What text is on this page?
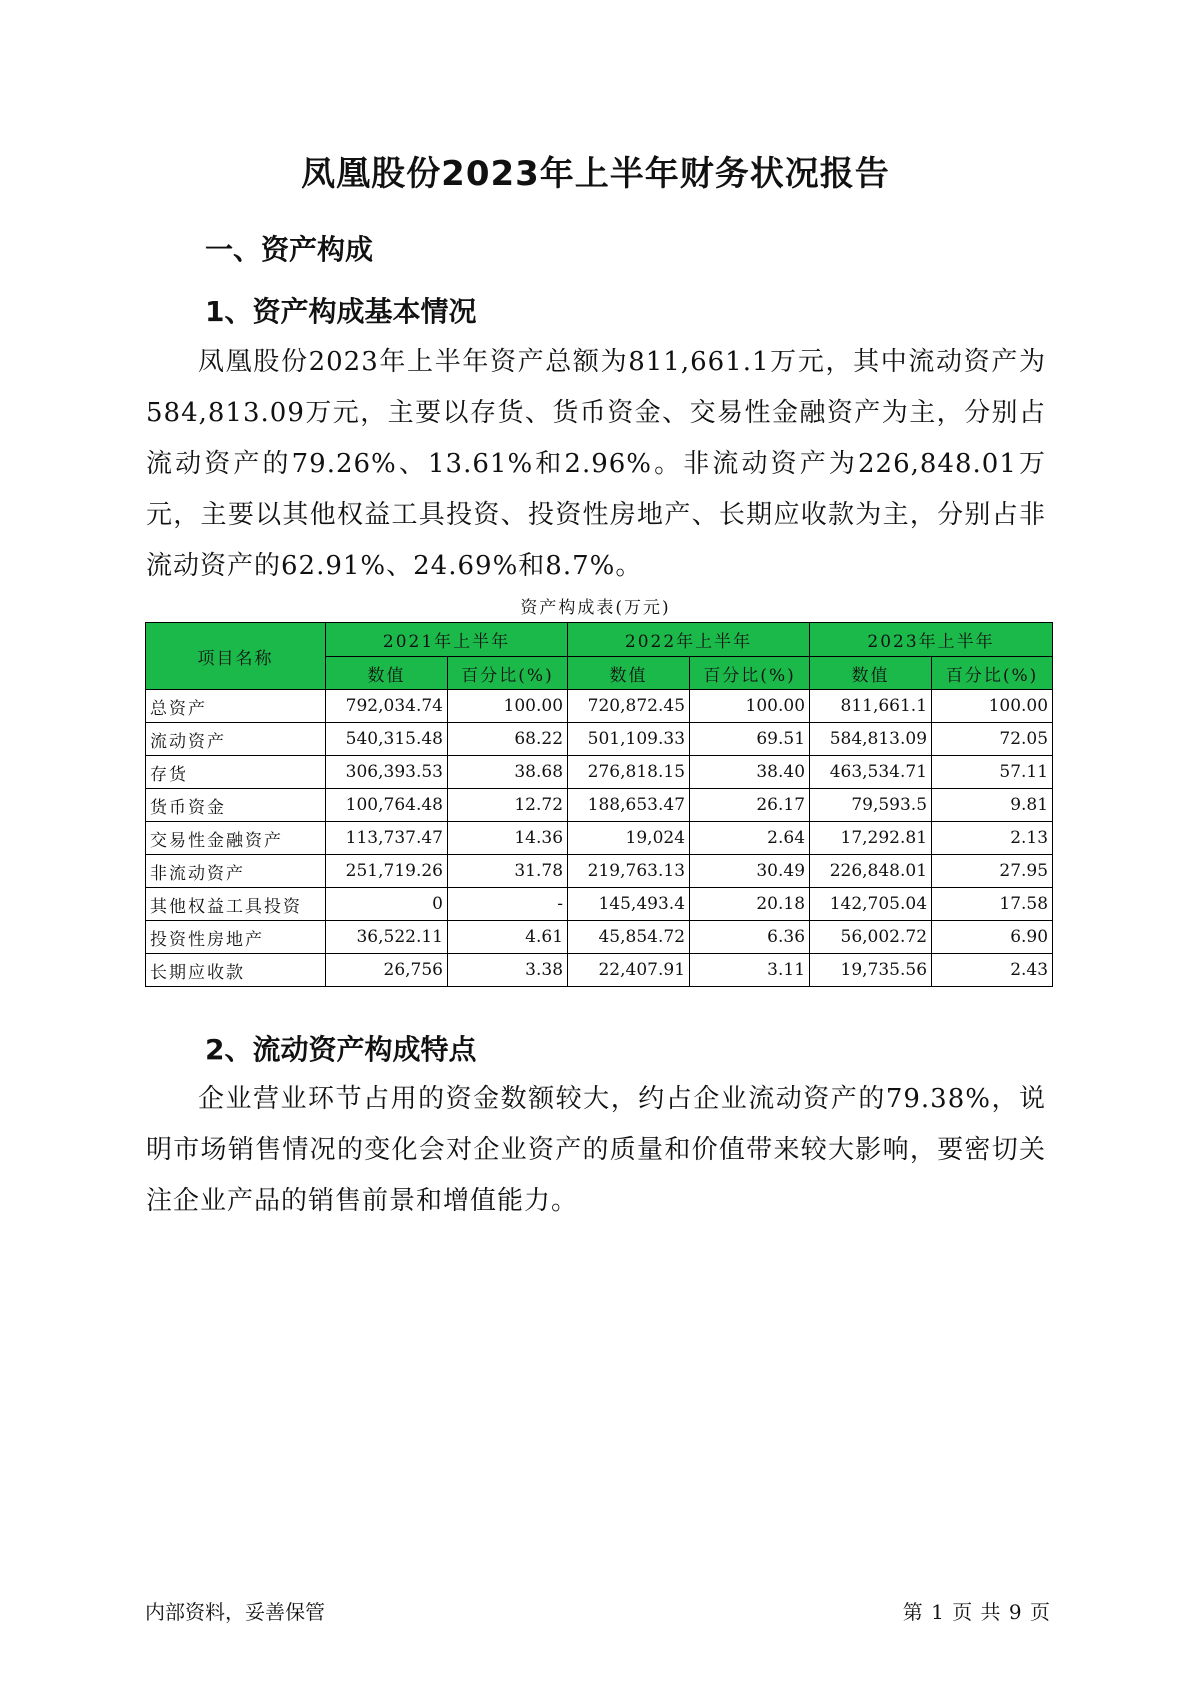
凤凰股份2023年上半年财务状况报告
一、资产构成
1、资产构成基本情况

凤凰股份2023年上半年资产总额为811,661.1万元，其中流动资产为584,813.09万元，主要以存货、货币资金、交易性金融资产为主，分别占流动资产的79.26%、13.61%和2.96%。非流动资产为226,848.01万元，主要以其他权益工具投资、投资性房地产、长期应收款为主，分别占非流动资产的62.91%、24.69%和8.7%。

资产构成表(万元)
项目名称	2021年上半年		2022年上半年		2023年上半年	
	数值	百分比(%)	数值	百分比(%)	数值	百分比(%)
总资产	792,034.74	100.00	720,872.45	100.00	811,661.1	100.00
流动资产	540,315.48	68.22	501,109.33	69.51	584,813.09	72.05
存货	306,393.53	38.68	276,818.15	38.40	463,534.71	57.11
货币资金	100,764.48	12.72	188,653.47	26.17	79,593.5	9.81
交易性金融资产	113,737.47	14.36	19,024	2.64	17,292.81	2.13
非流动资产	251,719.26	31.78	219,763.13	30.49	226,848.01	27.95
其他权益工具投资	0	-	145,493.4	20.18	142,705.04	17.58
投资性房地产	36,522.11	4.61	45,854.72	6.36	56,002.72	6.90
长期应收款	26,756	3.38	22,407.91	3.11	19,735.56	2.43
2、流动资产构成特点

企业营业环节占用的资金数额较大，约占企业流动资产的79.38%，说明市场销售情况的变化会对企业资产的质量和价值带来较大影响，要密切关注企业产品的销售前景和增值能力。

内部资料，妥善保管	第 1 页 共 9 页
